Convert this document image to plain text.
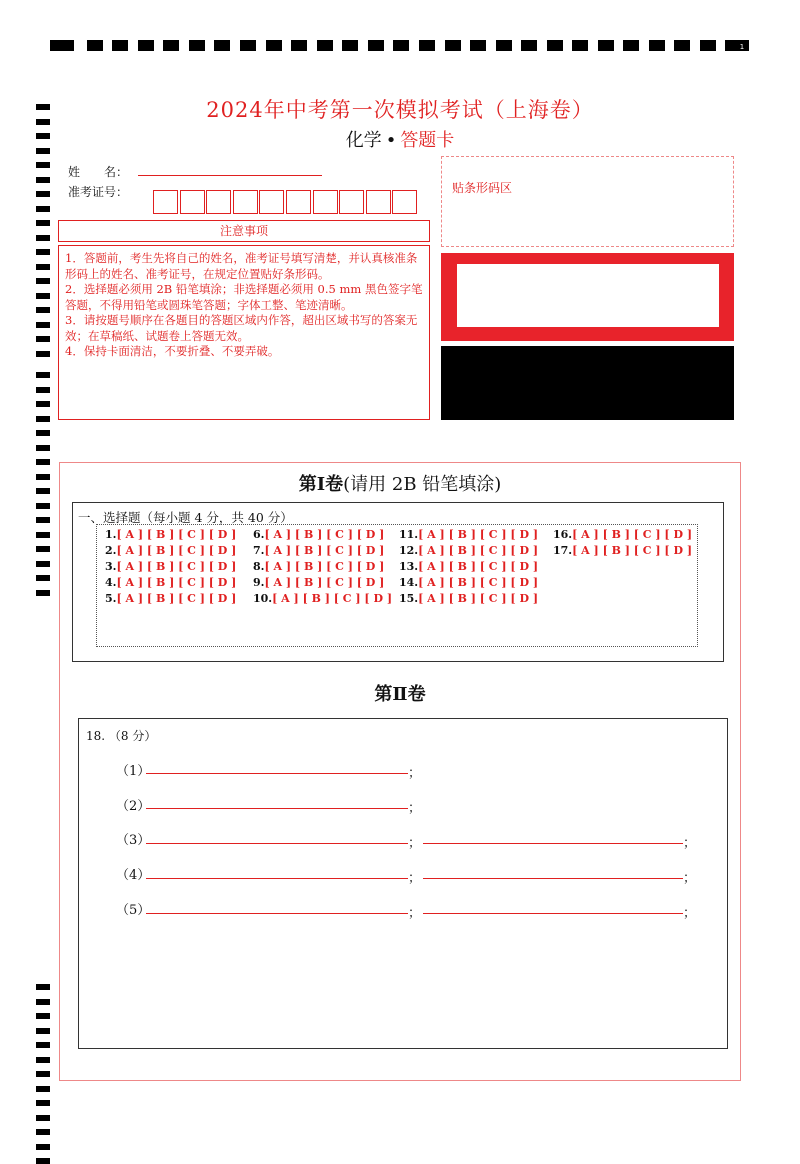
1
2024年中考第一次模拟考试（上海卷）
化学 • 答题卡
姓　　名：
准考证号：
注意事项

1．答题前，考生先将自己的姓名，准考证号填写清楚，并认真核准条形码上的姓名、准考证号，在规定位置贴好条形码。

2．选择题必须用 2B 铅笔填涂；非选择题必须用 0.5 mm 黑色签字笔答题，不得用铅笔或圆珠笔答题；字体工整、笔迹清晰。

3．请按题号顺序在各题目的答题区域内作答，超出区域书写的答案无效；在草稿纸、试题卷上答题无效。

4．保持卡面清洁，不要折叠、不要弄破。

贴条形码区
第Ⅰ卷(请用 2B 铅笔填涂)
一、选择题（每小题 4 分，共 40 分）
1.[ A ] [ B ] [ C ] [ D ]
2.[ A ] [ B ] [ C ] [ D ]
3.[ A ] [ B ] [ C ] [ D ]
4.[ A ] [ B ] [ C ] [ D ]
5.[ A ] [ B ] [ C ] [ D ]
6.[ A ] [ B ] [ C ] [ D ]
7.[ A ] [ B ] [ C ] [ D ]
8.[ A ] [ B ] [ C ] [ D ]
9.[ A ] [ B ] [ C ] [ D ]
10.[ A ] [ B ] [ C ] [ D ]
11.[ A ] [ B ] [ C ] [ D ]
12.[ A ] [ B ] [ C ] [ D ]
13.[ A ] [ B ] [ C ] [ D ]
14.[ A ] [ B ] [ C ] [ D ]
15.[ A ] [ B ] [ C ] [ D ]
16.[ A ] [ B ] [ C ] [ D ]
17.[ A ] [ B ] [ C ] [ D ]
第Ⅱ卷
18. （8 分）
（1）	；
（2）	；
（3）	；	；
（4）	；	；
（5）	；	；
